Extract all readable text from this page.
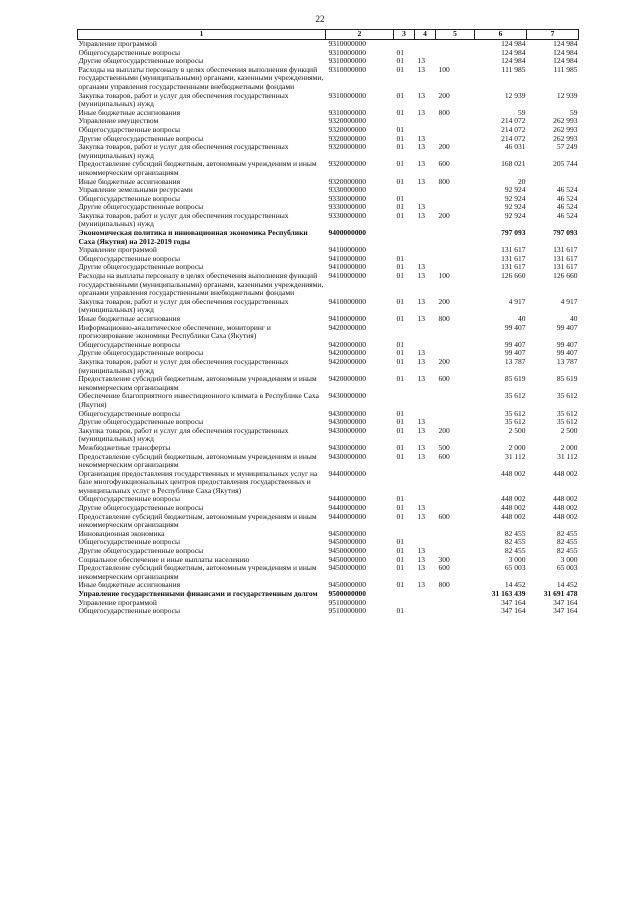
22
1	2	3	4	5	6	7
Управление программой	9310000000				124 984	124 984
Общегосударственные вопросы	9310000000	01			124 984	124 984
Другие общегосударственные вопросы	9310000000	01	13		124 984	124 984
Расходы на выплаты персоналу в целях обеспечения выполнения функций государственными (муниципальными) органами, казенными учреждениями, органами управления государственными внебюджетными фондами	9310000000	01	13	100	111 985	111 985
Закупка товаров, работ и услуг для обеспечения государственных (муниципальных) нужд	9310000000	01	13	200	12 939	12 939
Иные бюджетные ассигнования	9310000000	01	13	800	59	59
Управление имуществом	9320000000				214 072	262 993
Общегосударственные вопросы	9320000000	01			214 072	262 993
Другие общегосударственные вопросы	9320000000	01	13		214 072	262 993
Закупка товаров, работ и услуг для обеспечения государственных (муниципальных) нужд	9320000000	01	13	200	46 031	57 249
Предоставление субсидий бюджетным, автономным учреждениям и иным некоммерческим организациям	9320000000	01	13	600	168 021	205 744
Иные бюджетные ассигнования	9320000000	01	13	800	20	
Управление земельными ресурсами	9330000000				92 924	46 524
Общегосударственные вопросы	9330000000	01			92 924	46 524
Другие общегосударственные вопросы	9330000000	01	13		92 924	46 524
Закупка товаров, работ и услуг для обеспечения государственных (муниципальных) нужд	9330000000	01	13	200	92 924	46 524
Экономическая политика и инновационная экономика Республики Саха (Якутия) на 2012-2019 годы	9400000000				797 093	797 093
Управление программой	9410000000				131 617	131 617
Общегосударственные вопросы	9410000000	01			131 617	131 617
Другие общегосударственные вопросы	9410000000	01	13		131 617	131 617
Расходы на выплаты персоналу в целях обеспечения выполнения функций государственными (муниципальными) органами, казенными учреждениями, органами управления государственными внебюджетными фондами	9410000000	01	13	100	126 660	126 660
Закупка товаров, работ и услуг для обеспечения государственных (муниципальных) нужд	9410000000	01	13	200	4 917	4 917
Иные бюджетные ассигнования	9410000000	01	13	800	40	40
Информационно-аналитическое обеспечение, мониторинг и прогнозирование экономики Республики Саха (Якутия)	9420000000				99 407	99 407
Общегосударственные вопросы	9420000000	01			99 407	99 407
Другие общегосударственные вопросы	9420000000	01	13		99 407	99 407
Закупка товаров, работ и услуг для обеспечения государственных (муниципальных) нужд	9420000000	01	13	200	13 787	13 787
Предоставление субсидий бюджетным, автономным учреждениям и иным некоммерческим организациям	9420000000	01	13	600	85 619	85 619
Обеспечение благоприятного инвестиционного климата в Республике Саха (Якутия)	9430000000				35 612	35 612
Общегосударственные вопросы	9430000000	01			35 612	35 612
Другие общегосударственные вопросы	9430000000	01	13		35 612	35 612
Закупка товаров, работ и услуг для обеспечения государственных (муниципальных) нужд	9430000000	01	13	200	2 500	2 500
Межбюджетные трансферты	9430000000	01	13	500	2 000	2 000
Предоставление субсидий бюджетным, автономным учреждениям и иным некоммерческим организациям	9430000000	01	13	600	31 112	31 112
Организация предоставления государственных и муниципальных услуг на базе многофункциональных центров предоставления государственных и муниципальных услуг в Республике Саха (Якутия)	9440000000				448 002	448 002
Общегосударственные вопросы	9440000000	01			448 002	448 002
Другие общегосударственные вопросы	9440000000	01	13		448 002	448 002
Предоставление субсидий бюджетным, автономным учреждениям и иным некоммерческим организациям	9440000000	01	13	600	448 002	448 002
Инновационная экономика	9450000000				82 455	82 455
Общегосударственные вопросы	9450000000	01			82 455	82 455
Другие общегосударственные вопросы	9450000000	01	13		82 455	82 455
Социальное обеспечение и иные выплаты населению	9450000000	01	13	300	3 000	3 000
Предоставление субсидий бюджетным, автономным учреждениям и иным некоммерческим организациям	9450000000	01	13	600	65 003	65 003
Иные бюджетные ассигнования	9450000000	01	13	800	14 452	14 452
Управление государственными финансами и государственным долгом	9500000000				31 163 439	31 691 478
Управление программой	9510000000				347 164	347 164
Общегосударственные вопросы	9510000000	01			347 164	347 164
